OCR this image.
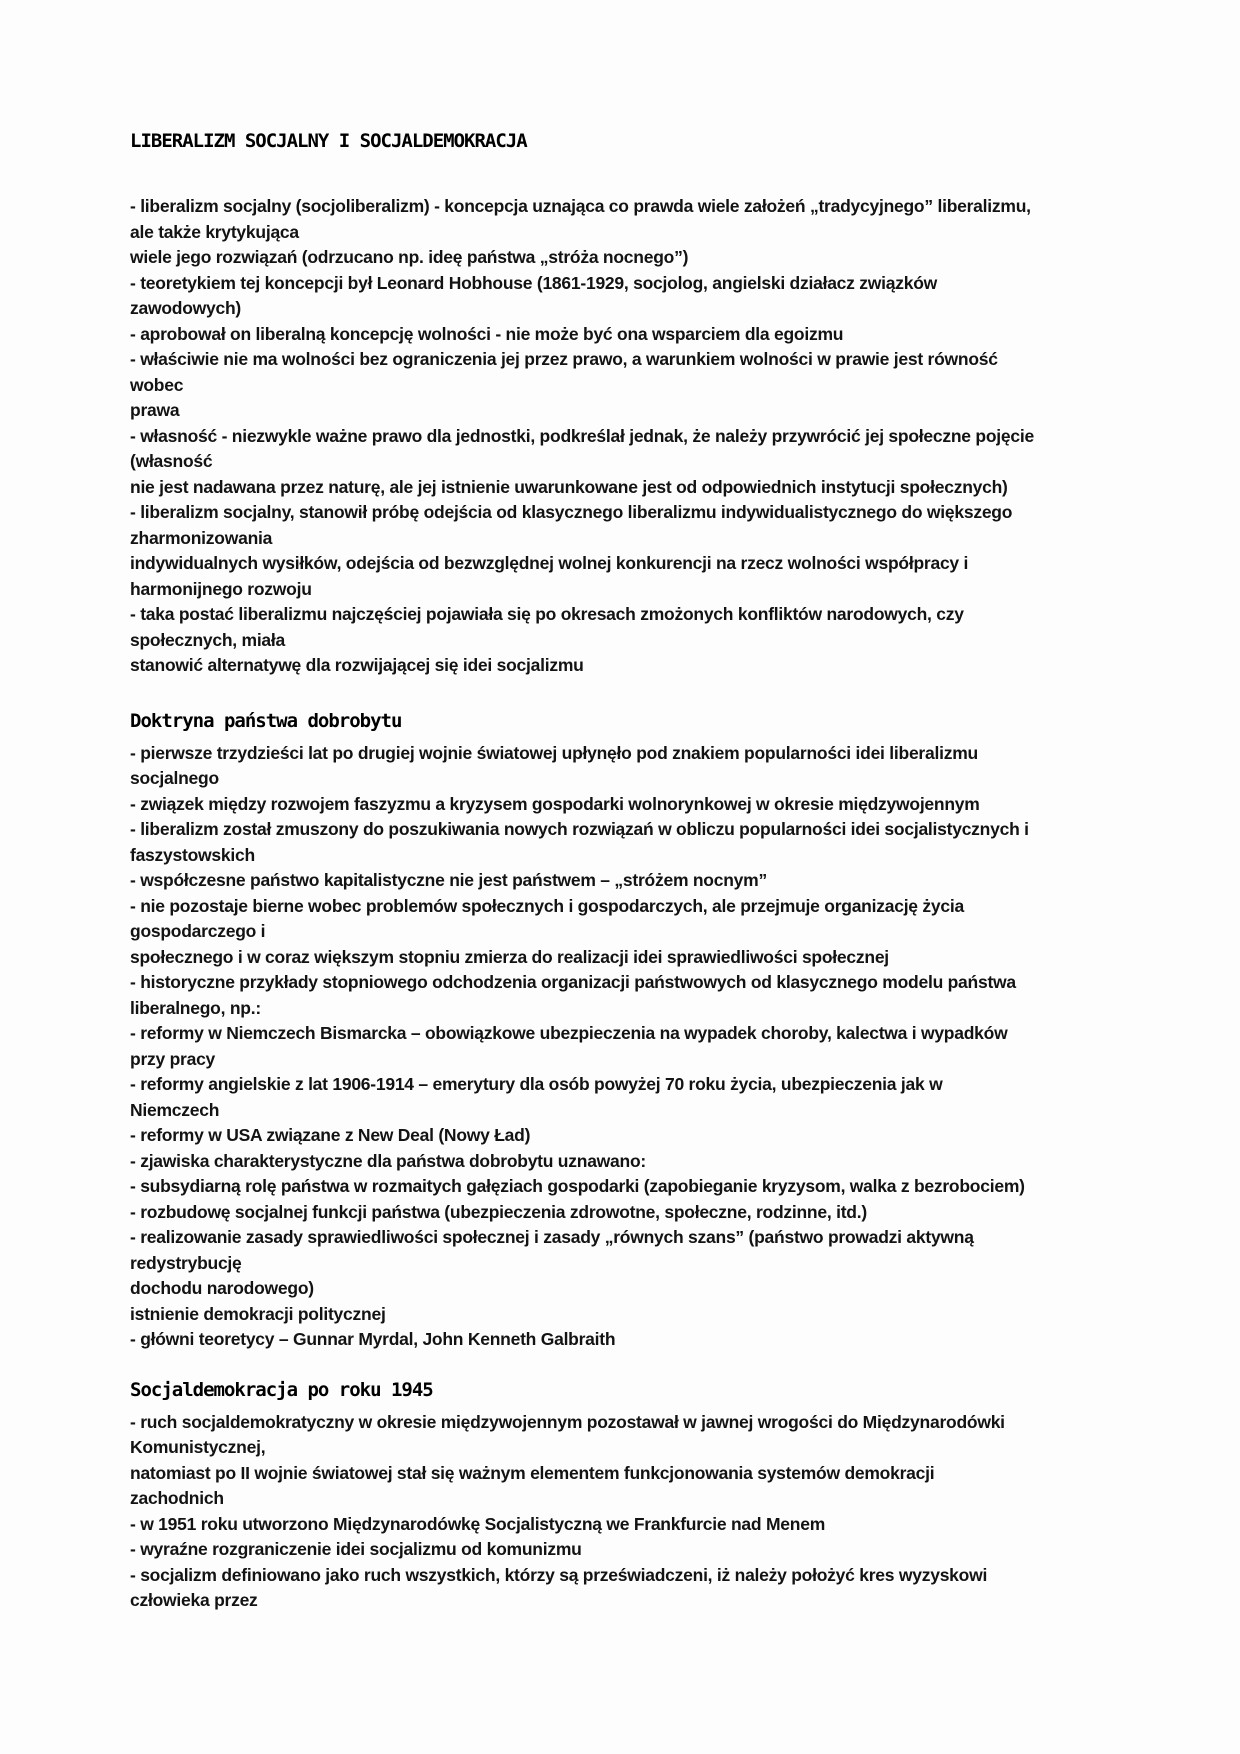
LIBERALIZM SOCJALNY I SOCJALDEMOKRACJA
- liberalizm socjalny (socjoliberalizm) - koncepcja uznająca co prawda wiele założeń „tradycyjnego” liberalizmu,
ale także krytykująca
wiele jego rozwiązań (odrzucano np. ideę państwa „stróża nocnego”)
- teoretykiem tej koncepcji był Leonard Hobhouse (1861-1929, socjolog, angielski działacz związków
zawodowych)
- aprobował on liberalną koncepcję wolności - nie może być ona wsparciem dla egoizmu
- właściwie nie ma wolności bez ograniczenia jej przez prawo, a warunkiem wolności w prawie jest równość
wobec
prawa
- własność - niezwykle ważne prawo dla jednostki, podkreślał jednak, że należy przywrócić jej społeczne pojęcie
(własność
nie jest nadawana przez naturę, ale jej istnienie uwarunkowane jest od odpowiednich instytucji społecznych)
- liberalizm socjalny, stanowił próbę odejścia od klasycznego liberalizmu indywidualistycznego do większego
zharmonizowania
indywidualnych wysiłków, odejścia od bezwzględnej wolnej konkurencji na rzecz wolności współpracy i
harmonijnego rozwoju
- taka postać liberalizmu najczęściej pojawiała się po okresach zmożonych konfliktów narodowych, czy
społecznych, miała
stanowić alternatywę dla rozwijającej się idei socjalizmu
Doktryna państwa dobrobytu
- pierwsze trzydzieści lat po drugiej wojnie światowej upłynęło pod znakiem popularności idei liberalizmu
socjalnego
- związek między rozwojem faszyzmu a kryzysem gospodarki wolnorynkowej w okresie międzywojennym
- liberalizm został zmuszony do poszukiwania nowych rozwiązań w obliczu popularności idei socjalistycznych i
faszystowskich
- współczesne państwo kapitalistyczne nie jest państwem – „stróżem nocnym”
- nie pozostaje bierne wobec problemów społecznych i gospodarczych, ale przejmuje organizację życia
gospodarczego i
społecznego i w coraz większym stopniu zmierza do realizacji idei sprawiedliwości społecznej
- historyczne przykłady stopniowego odchodzenia organizacji państwowych od klasycznego modelu państwa
liberalnego, np.:
- reformy w Niemczech Bismarcka – obowiązkowe ubezpieczenia na wypadek choroby, kalectwa i wypadków
przy pracy
- reformy angielskie z lat 1906-1914 – emerytury dla osób powyżej 70 roku życia, ubezpieczenia jak w
Niemczech
- reformy w USA związane z New Deal (Nowy Ład)
- zjawiska charakterystyczne dla państwa dobrobytu uznawano:
- subsydiarną rolę państwa w rozmaitych gałęziach gospodarki (zapobieganie kryzysom, walka z bezrobociem)
- rozbudowę socjalnej funkcji państwa (ubezpieczenia zdrowotne, społeczne, rodzinne, itd.)
- realizowanie zasady sprawiedliwości społecznej i zasady „równych szans” (państwo prowadzi aktywną
redystrybucję
dochodu narodowego)
istnienie demokracji politycznej
- główni teoretycy – Gunnar Myrdal, John Kenneth Galbraith
Socjaldemokracja po roku 1945
- ruch socjaldemokratyczny w okresie międzywojennym pozostawał w jawnej wrogości do Międzynarodówki
Komunistycznej,
natomiast po II wojnie światowej stał się ważnym elementem funkcjonowania systemów demokracji
zachodnich
- w 1951 roku utworzono Międzynarodówkę Socjalistyczną we Frankfurcie nad Menem
- wyraźne rozgraniczenie idei socjalizmu od komunizmu
- socjalizm definiowano jako ruch wszystkich, którzy są przeświadczeni, iż należy położyć kres wyzyskowi
człowieka przez
